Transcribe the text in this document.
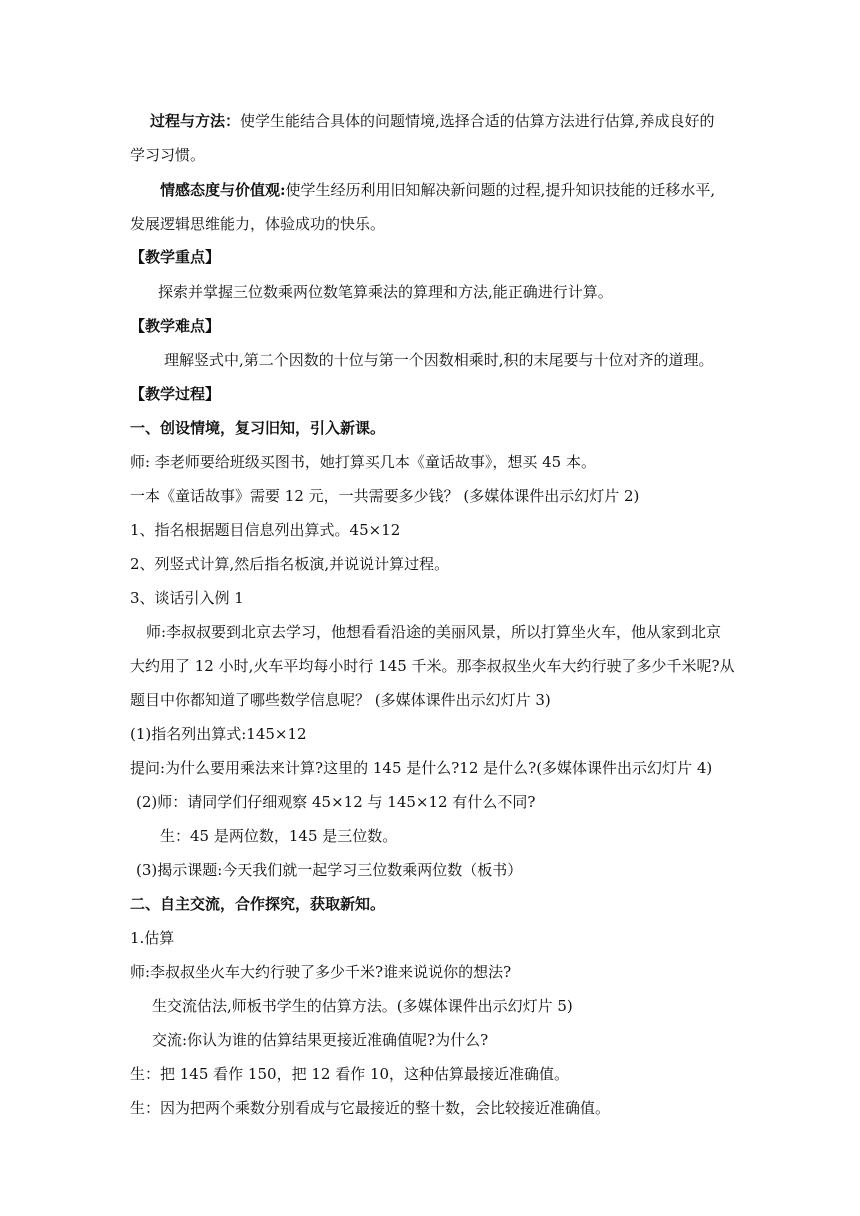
过程与方法：使学生能结合具体的问题情境,选择合适的估算方法进行估算,养成良好的
学习习惯。
情感态度与价值观:使学生经历利用旧知解决新问题的过程,提升知识技能的迁移水平,
发展逻辑思维能力，体验成功的快乐。
【教学重点】
探索并掌握三位数乘两位数笔算乘法的算理和方法,能正确进行计算。
【教学难点】
理解竖式中,第二个因数的十位与第一个因数相乘时,积的末尾要与十位对齐的道理。
【教学过程】
一、创设情境，复习旧知，引入新课。
师: 李老师要给班级买图书，她打算买几本《童话故事》，想买 45 本。
一本《童话故事》需要 12 元，一共需要多少钱？ (多媒体课件出示幻灯片 2)
1、指名根据题目信息列出算式。45×12
2、列竖式计算,然后指名板演,并说说计算过程。
3、谈话引入例 1
师:李叔叔要到北京去学习，他想看看沿途的美丽风景，所以打算坐火车，他从家到北京
大约用了 12 小时,火车平均每小时行 145 千米。那李叔叔坐火车大约行驶了多少千米呢?从
题目中你都知道了哪些数学信息呢？ (多媒体课件出示幻灯片 3)
(1)指名列出算式:145×12
提问:为什么要用乘法来计算?这里的 145 是什么?12 是什么?(多媒体课件出示幻灯片 4)
(2)师：请同学们仔细观察 45×12 与 145×12 有什么不同?
生：45 是两位数，145 是三位数。
(3)揭示课题:今天我们就一起学习三位数乘两位数（板书）
二、自主交流，合作探究，获取新知。
1.估算
师:李叔叔坐火车大约行驶了多少千米?谁来说说你的想法?
生交流估法,师板书学生的估算方法。(多媒体课件出示幻灯片 5)
交流:你认为谁的估算结果更接近准确值呢?为什么?
生：把 145 看作 150，把 12 看作 10，这种估算最接近准确值。
生：因为把两个乘数分别看成与它最接近的整十数，会比较接近准确值。
